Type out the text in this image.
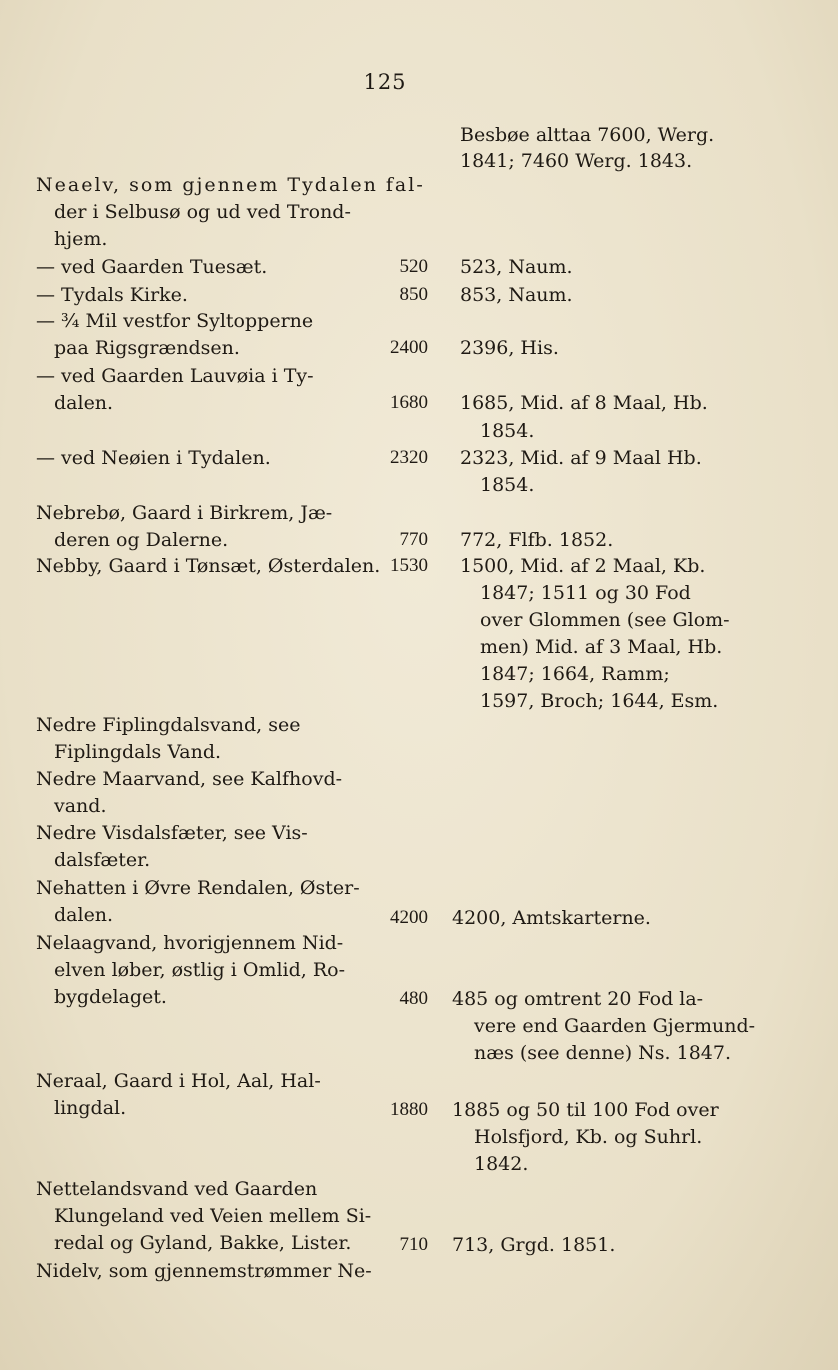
125
Besbøe alttaa 7600, Werg.
1841; 7460 Werg. 1843.
Neaelv, som gjennem Tydalen fal-
der i Selbusø og ud ved Trond-
hjem.
— ved Gaarden Tuesæt.	520 523, Naum.
— Tydals Kirke.	850 853, Naum.
— ¾ Mil vestfor Syltopperne
paa Rigsgrændsen.	2400 2396, His.
— ved Gaarden Lauvøia i Ty-
dalen.	1680 1685, Mid. af 8 Maal, Hb.
1854.
— ved Neøien i Tydalen.	2320 2323, Mid. af 9 Maal Hb.
1854.
Nebrebø, Gaard i Birkrem, Jæ-
deren og Dalerne.	770 772, Flfb. 1852.
Nebby, Gaard i Tønsæt, Østerdalen. 1530 1500, Mid. af 2 Maal, Kb.
1847; 1511 og 30 Fod
over Glommen (see Glom-
men) Mid. af 3 Maal, Hb.
1847; 1664, Ramm;
1597, Broch; 1644, Esm.
Nedre Fiplingdalsvand, see
Fiplingdals Vand.
Nedre Maarvand, see Kalfhovd-
vand.
Nedre Visdalsfæter, see Vis-
dalsfæter.
Nehatten i Øvre Rendalen, Øster-
dalen.	4200 4200, Amtskarterne.
Nelaagvand, hvorigjennem Nid-
elven løber, østlig i Omlid, Ro-
bygdelaget.	480 485 og omtrent 20 Fod la-
vere end Gaarden Gjermund-
næs (see denne) Ns. 1847.
Neraal, Gaard i Hol, Aal, Hal-
lingdal.	1880 1885 og 50 til 100 Fod over
Holsfjord, Kb. og Suhrl.
1842.
Nettelandsvand ved Gaarden
Klungeland ved Veien mellem Si-
redal og Gyland, Bakke, Lister.	710 713, Grgd. 1851.
Nidelv, som gjennemstrømmer Ne-
